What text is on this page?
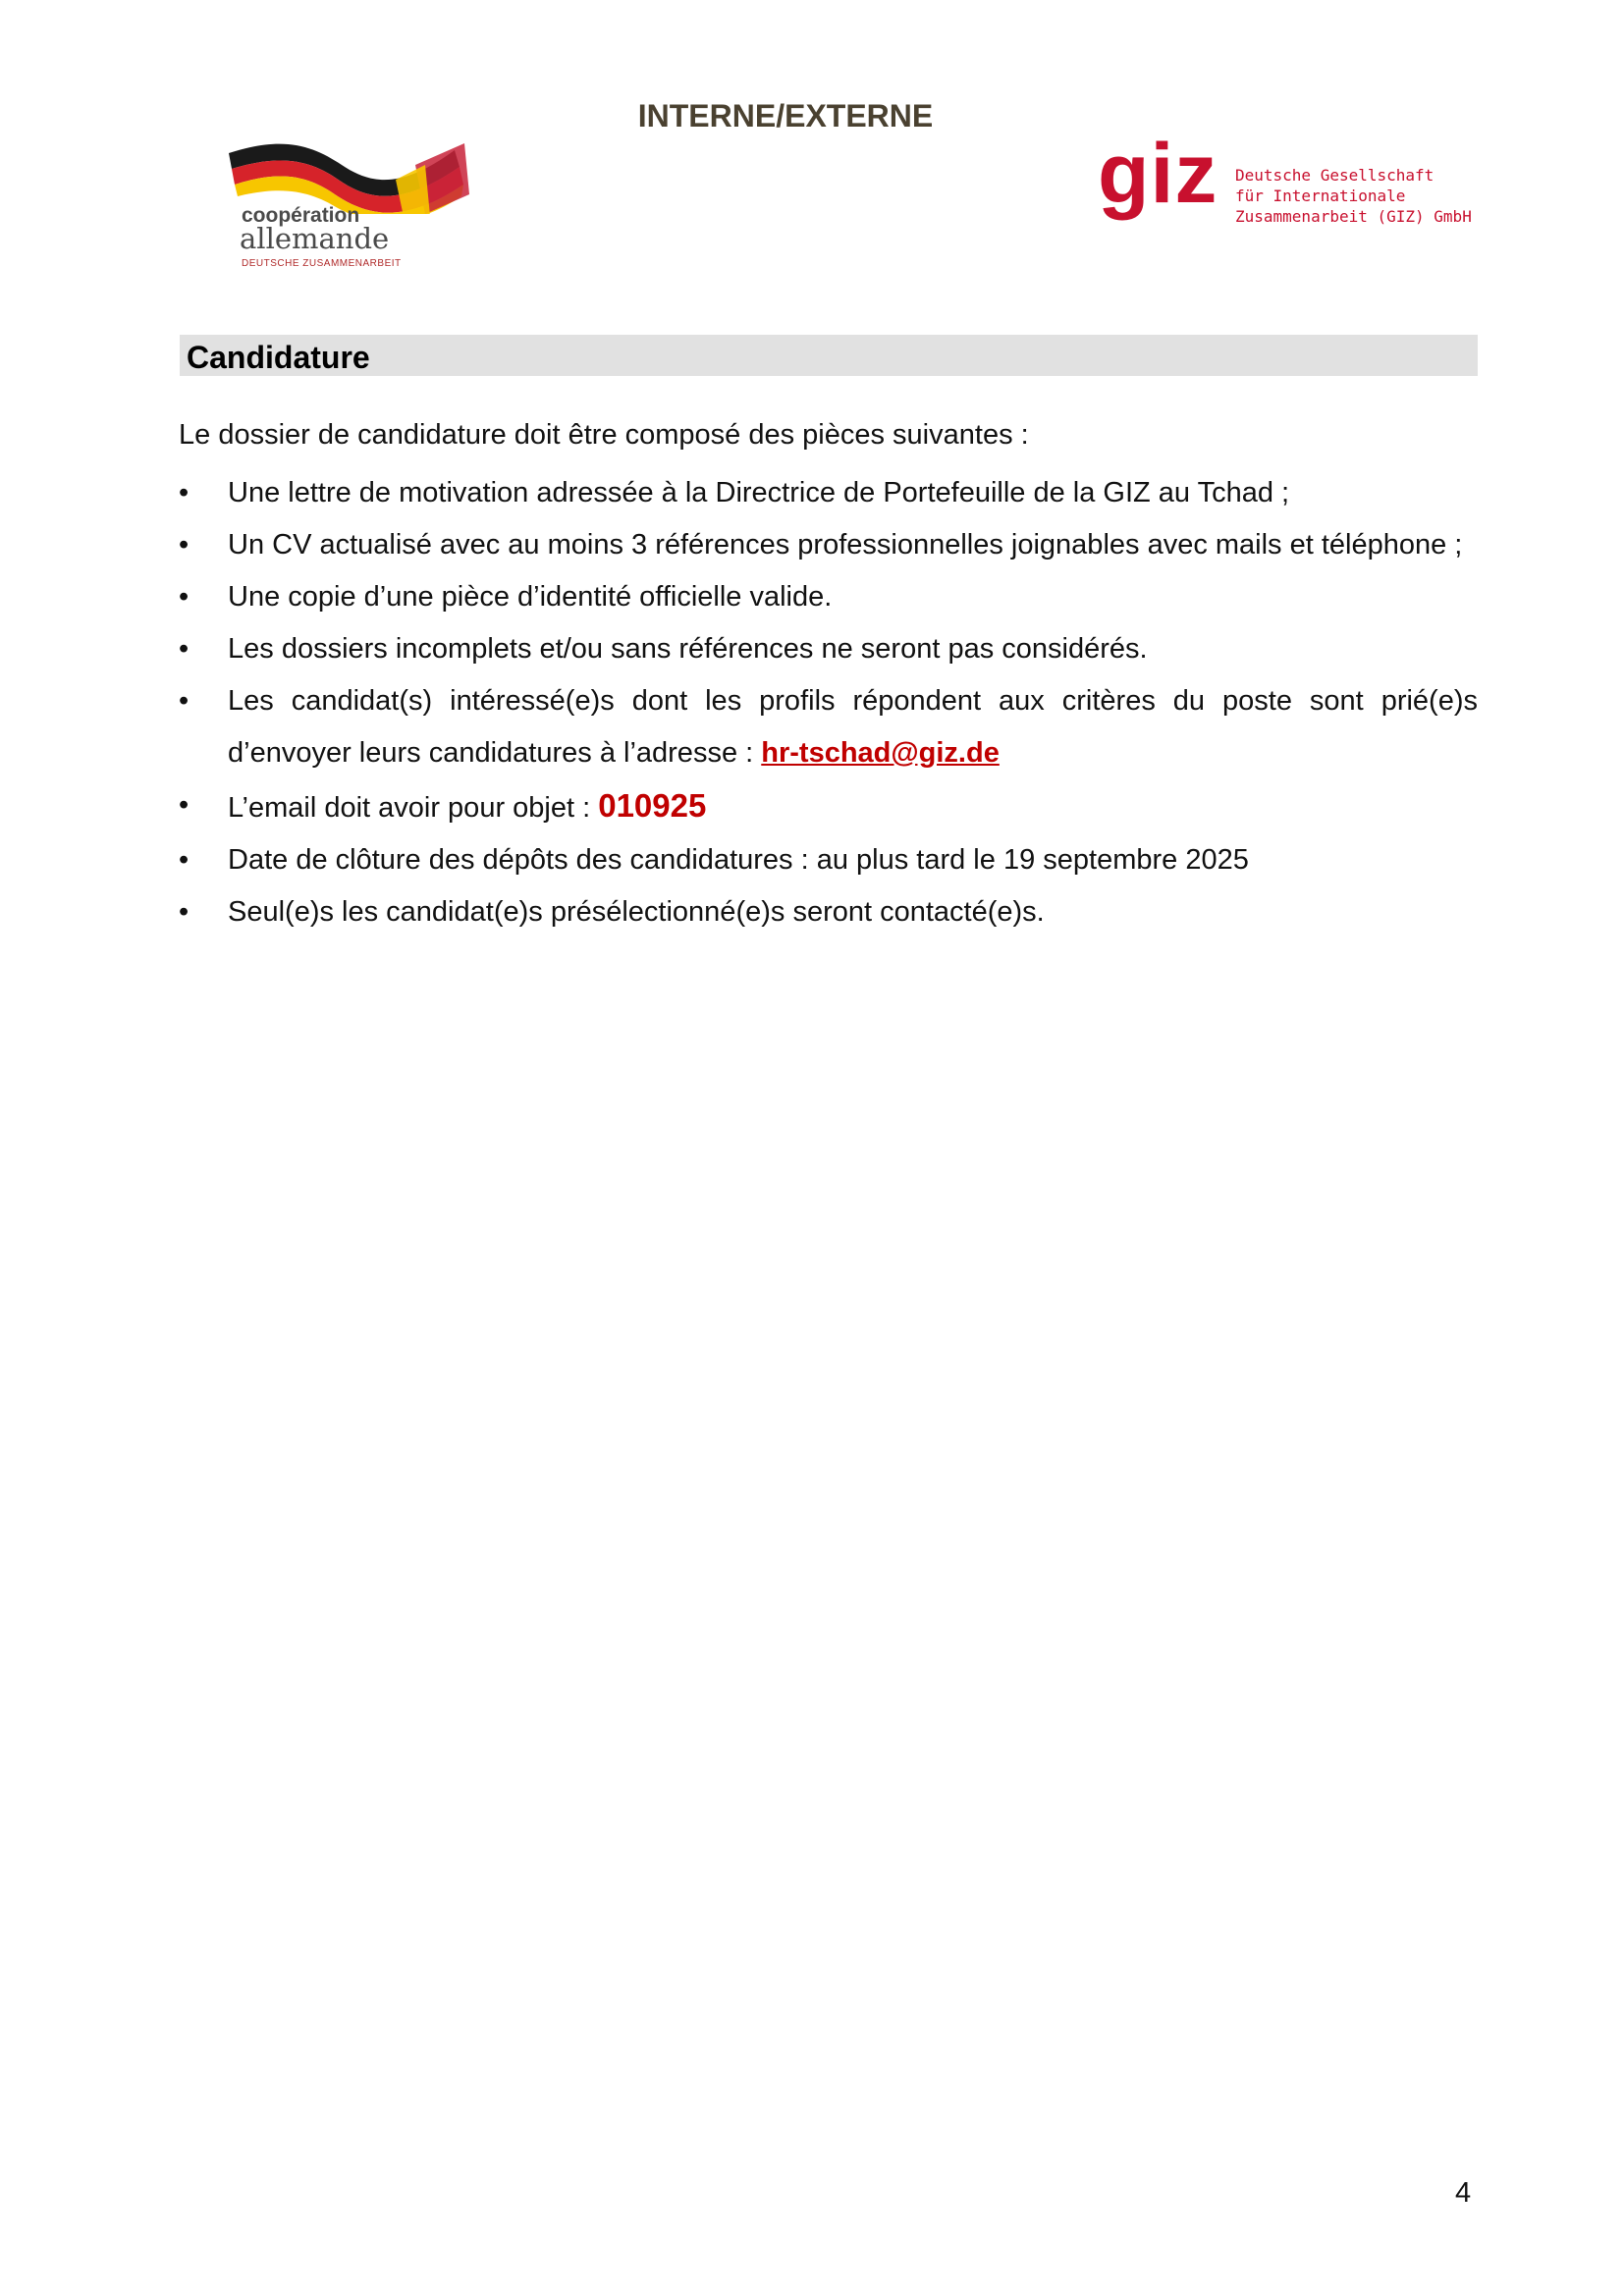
INTERNE/EXTERNE
coopération
allemande
DEUTSCHE ZUSAMMENARBEIT
giz Deutsche Gesellschaft
für Internationale
Zusammenarbeit (GIZ) GmbH
Candidature
Le dossier de candidature doit être composé des pièces suivantes :
• Une lettre de motivation adressée à la Directrice de Portefeuille de la GIZ au Tchad ;
• Un CV actualisé avec au moins 3 références professionnelles joignables avec mails et téléphone ;
• Une copie d’une pièce d’identité officielle valide.
• Les dossiers incomplets et/ou sans références ne seront pas considérés.
• Les candidat(s) intéressé(e)s dont les profils répondent aux critères du poste sont prié(e)s d’envoyer leurs candidatures à l’adresse : hr-tschad@giz.de
• L’email doit avoir pour objet : 010925
• Date de clôture des dépôts des candidatures : au plus tard le 19 septembre 2025
• Seul(e)s les candidat(e)s présélectionné(e)s seront contacté(e)s.
4
